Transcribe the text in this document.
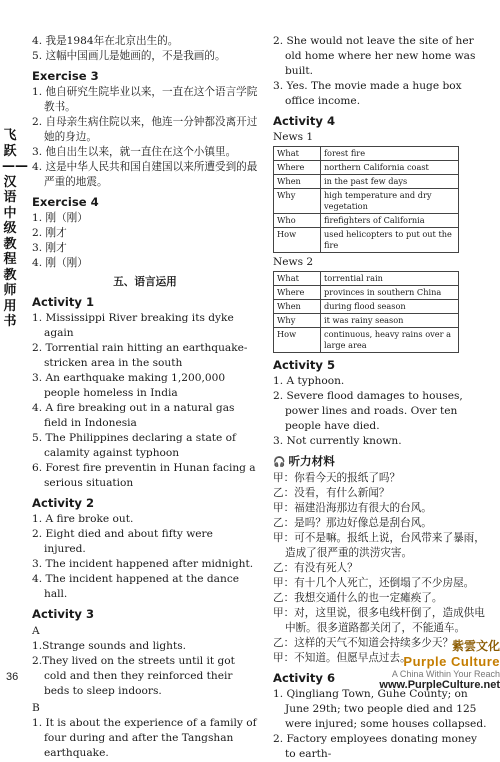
飞跃——汉语中级教程教师用书

4. 我是1984年在北京出生的。

5. 这幅中国画儿是她画的，不是我画的。

Exercise 3

1. 他自研究生院毕业以来，一直在这个语言学院教书。

2. 自母亲生病住院以来，他连一分钟都没离开过她的身边。

3. 他自出生以来，就一直住在这个小镇里。

4. 这是中华人民共和国自建国以来所遭受到的最严重的地震。

Exercise 4

1. 刚（刚）

2. 刚才

3. 刚才

4. 刚（刚）

五、语言运用
Activity 1

1. Mississippi River breaking its dyke again

2. Torrential rain hitting an earthquake-stricken area in the south

3. An earthquake making 1,200,000 people homeless in India

4. A fire breaking out in a natural gas field in Indonesia

5. The Philippines declaring a state of calamity against typhoon

6. Forest fire preventin in Hunan facing a serious situation

Activity 2

1. A fire broke out.

2. Eight died and about fifty were injured.

3. The incident happened after midnight.

4. The incident happened at the dance hall.

Activity 3

A

1.Strange sounds and lights.

2.They lived on the streets until it got cold and then they reinforced their beds to sleep indoors.

B

1. It is about the experience of a family of four during and after the Tangshan earthquake.

2. She would not leave the site of her old home where her new home was built.

3. Yes. The movie made a huge box office income.

Activity 4

News 1

What	forest fire
Where	northern California coast
When	in the past few days
Why	high temperature and dry vegetation
Who	firefighters of California
How	used helicopters to put out the fire

News 2

What	torrential rain
Where	provinces in southern China
When	during flood season
Why	it was rainy season
How	continuous, heavy rains over a large area
Activity 5

1. A typhoon.

2. Severe flood damages to houses, power lines and roads. Over ten people have died.

3. Not currently known.

🎧 听力材料

甲：你看今天的报纸了吗？

乙：没看，有什么新闻？

甲：福建沿海那边有很大的台风。

乙：是吗？那边好像总是刮台风。

甲：可不是嘛。报纸上说，台风带来了暴雨，造成了很严重的洪涝灾害。

乙：有没有死人？

甲：有十几个人死亡，还倒塌了不少房屋。

乙：我想交通什么的也一定瘫痪了。

甲：对，这里说，很多电线杆倒了，造成供电中断。很多道路都关闭了，不能通车。

乙：这样的天气不知道会持续多少天？

甲：不知道。但愿早点过去。

Activity 6

1. Qingliang Town, Guhe County; on June 29th; two people died and 125 were injured; some houses collapsed.

2. Factory employees donating money to earth-

36
紫雲文化
Purple Culture
A China Within Your Reach
www.PurpleCulture.net
